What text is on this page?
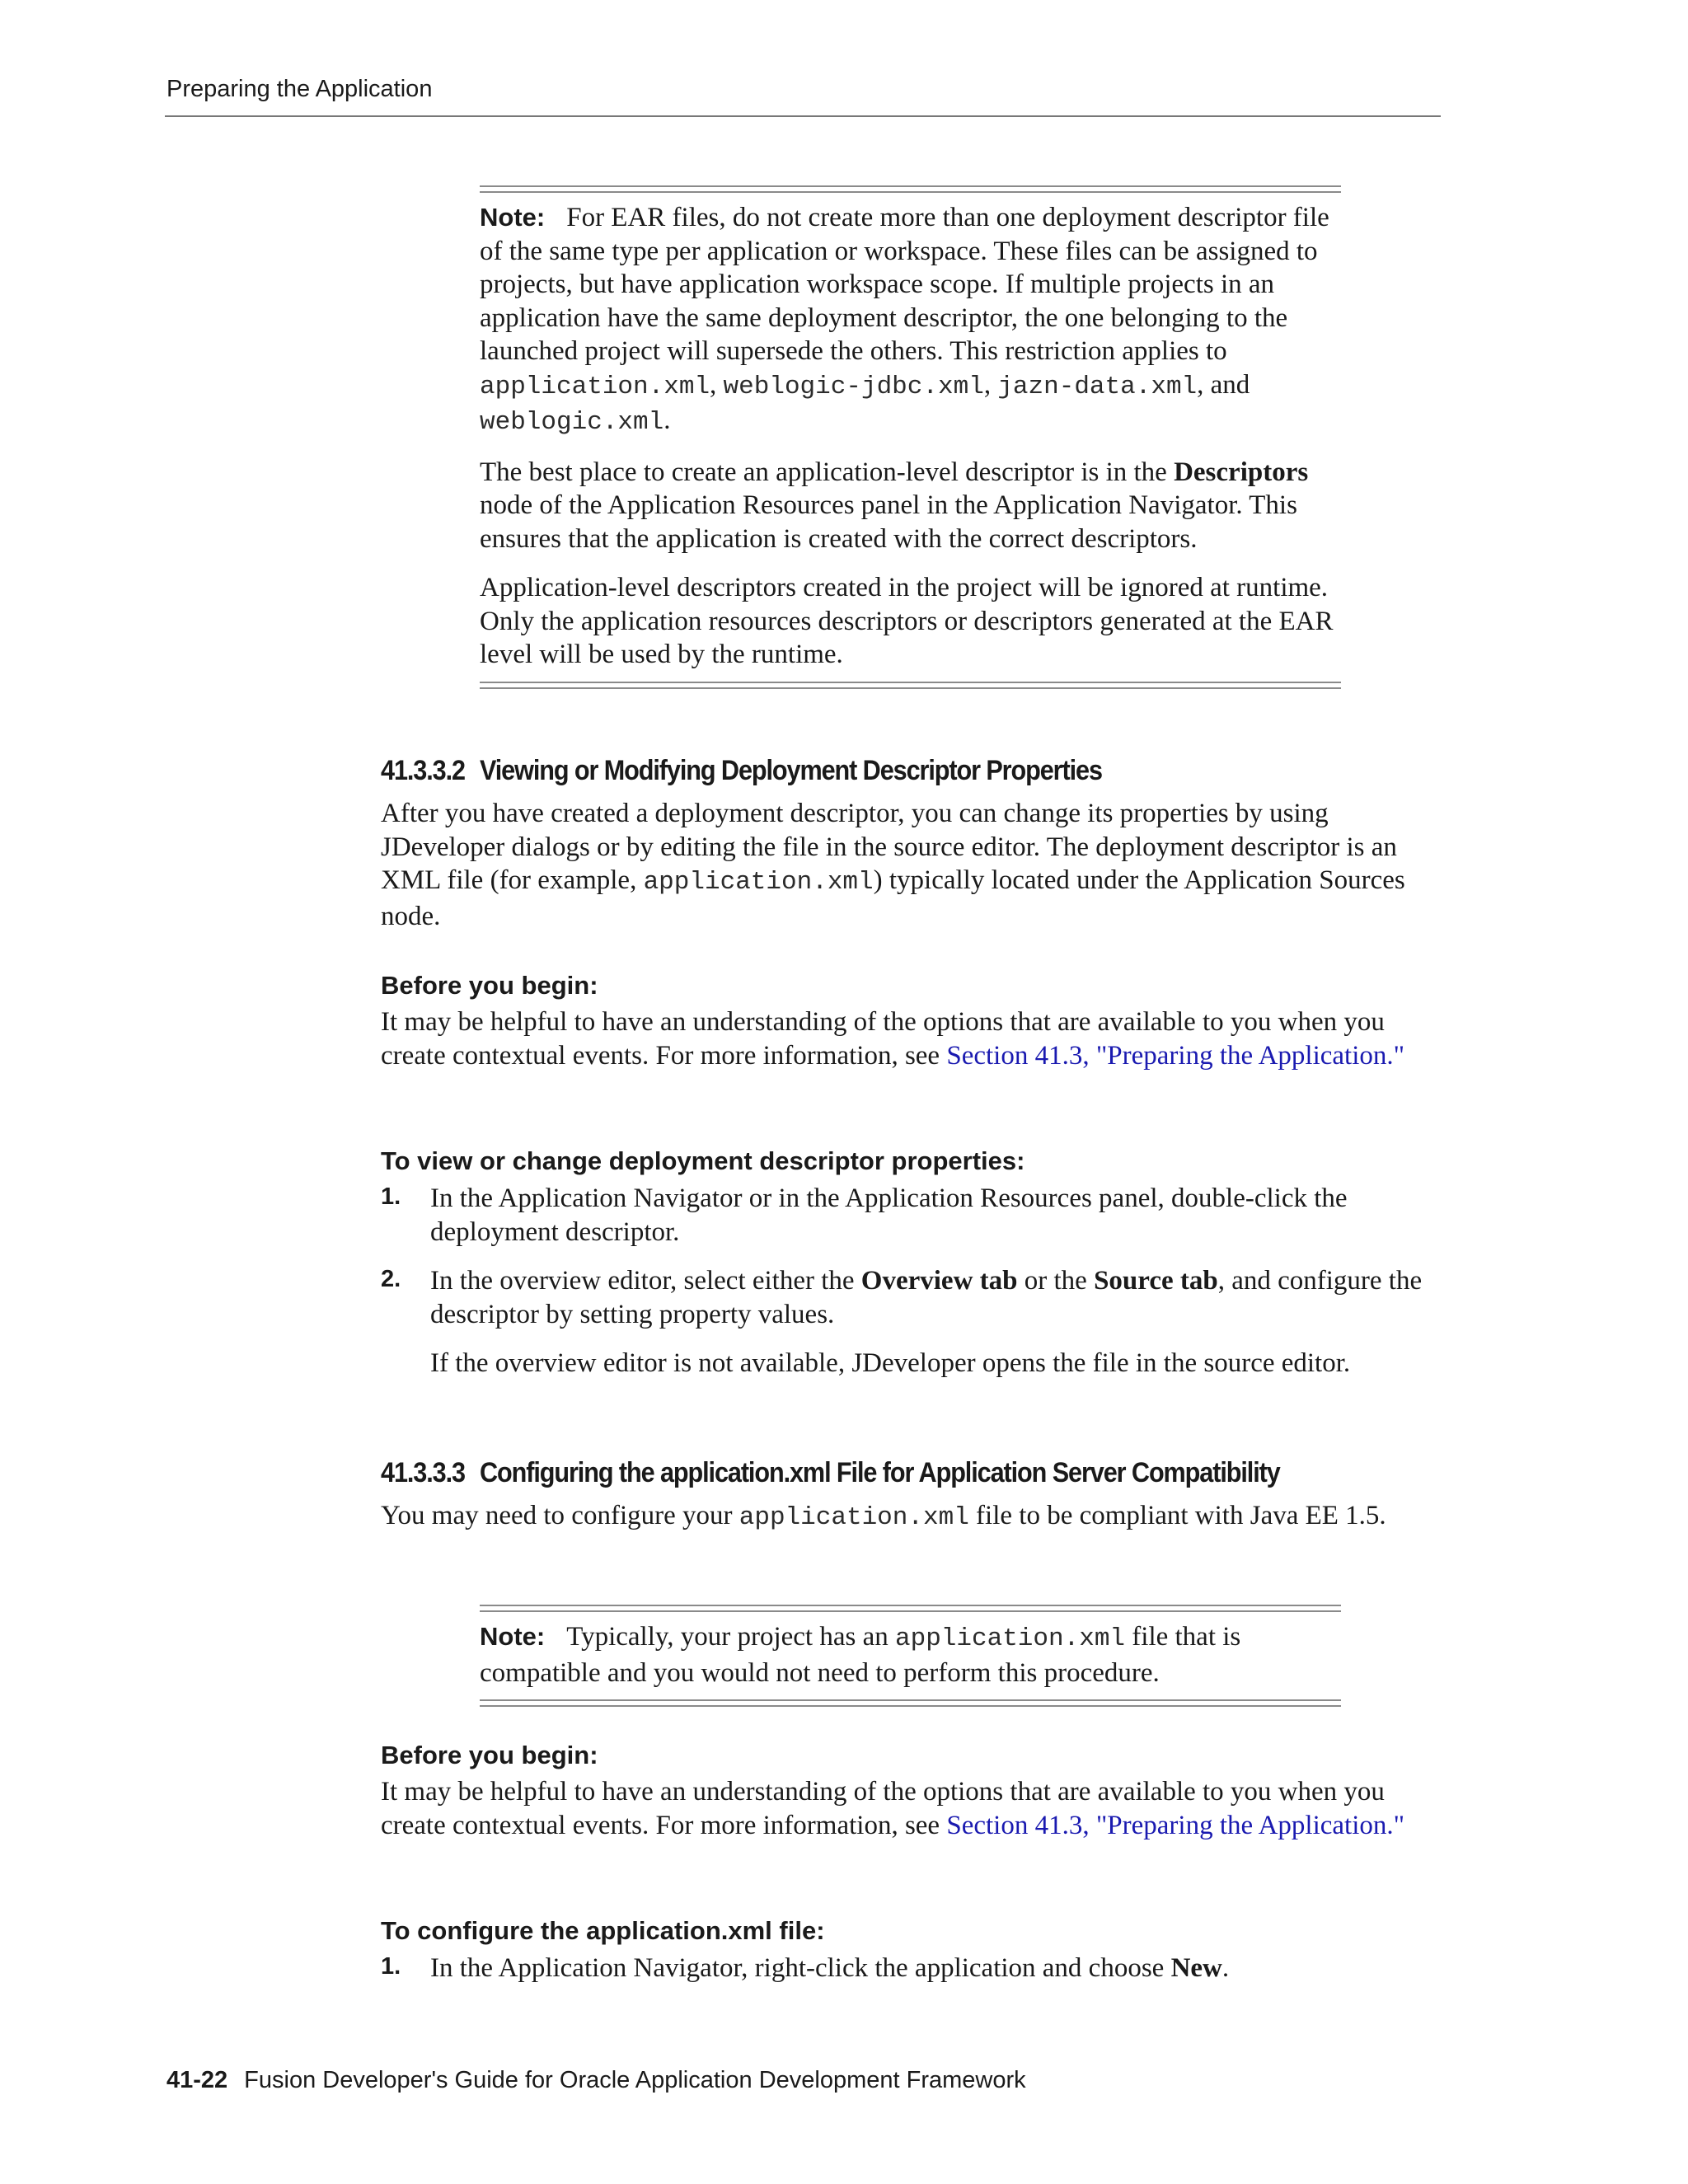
Preparing the Application

Note: For EAR files, do not create more than one deployment descriptor file of the same type per application or workspace. These files can be assigned to projects, but have application workspace scope. If multiple projects in an application have the same deployment descriptor, the one belonging to the launched project will supersede the others. This restriction applies to application.xml, weblogic-jdbc.xml, jazn-data.xml, and weblogic.xml.

The best place to create an application-level descriptor is in the Descriptors node of the Application Resources panel in the Application Navigator. This ensures that the application is created with the correct descriptors.

Application-level descriptors created in the project will be ignored at runtime. Only the application resources descriptors or descriptors generated at the EAR level will be used by the runtime.

41.3.3.2 Viewing or Modifying Deployment Descriptor Properties

After you have created a deployment descriptor, you can change its properties by using JDeveloper dialogs or by editing the file in the source editor. The deployment descriptor is an XML file (for example, application.xml) typically located under the Application Sources node.

Before you begin:

It may be helpful to have an understanding of the options that are available to you when you create contextual events. For more information, see Section 41.3, "Preparing the Application."

To view or change deployment descriptor properties:
1. In the Application Navigator or in the Application Resources panel, double-click the deployment descriptor.
2. In the overview editor, select either the Overview tab or the Source tab, and configure the descriptor by setting property values.
If the overview editor is not available, JDeveloper opens the file in the source editor.
41.3.3.3 Configuring the application.xml File for Application Server Compatibility

You may need to configure your application.xml file to be compliant with Java EE 1.5.

Note: Typically, your project has an application.xml file that is compatible and you would not need to perform this procedure.

Before you begin:

It may be helpful to have an understanding of the options that are available to you when you create contextual events. For more information, see Section 41.3, "Preparing the Application."

To configure the application.xml file:
1. In the Application Navigator, right-click the application and choose New.
41-22 Fusion Developer's Guide for Oracle Application Development Framework
